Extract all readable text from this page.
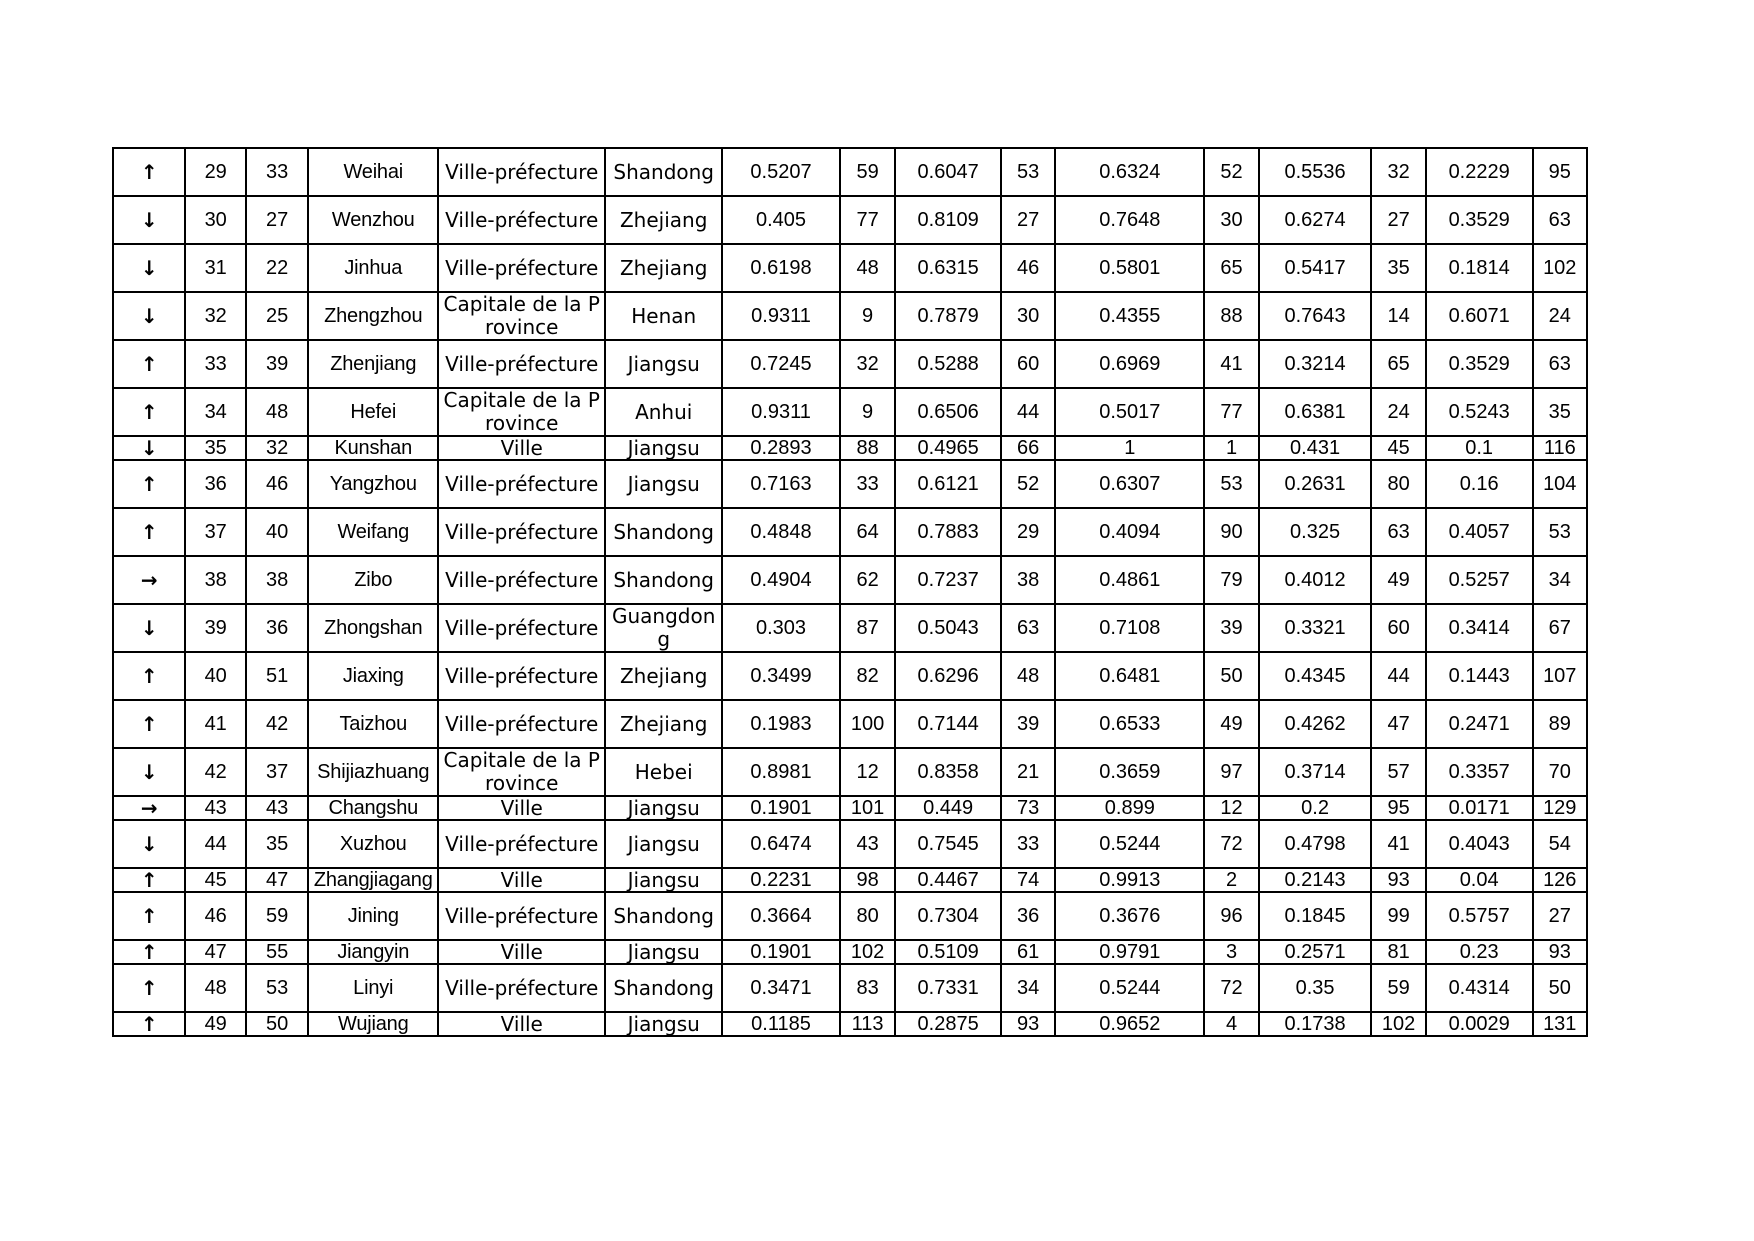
↑	29	33	Weihai	Ville-préfecture	Shandong	0.5207	59	0.6047	53	0.6324	52	0.5536	32	0.2229	95
↓	30	27	Wenzhou	Ville-préfecture	Zhejiang	0.405	77	0.8109	27	0.7648	30	0.6274	27	0.3529	63
↓	31	22	Jinhua	Ville-préfecture	Zhejiang	0.6198	48	0.6315	46	0.5801	65	0.5417	35	0.1814	102
↓	32	25	Zhengzhou	Capitale de la Province	Henan	0.9311	9	0.7879	30	0.4355	88	0.7643	14	0.6071	24
↑	33	39	Zhenjiang	Ville-préfecture	Jiangsu	0.7245	32	0.5288	60	0.6969	41	0.3214	65	0.3529	63
↑	34	48	Hefei	Capitale de la Province	Anhui	0.9311	9	0.6506	44	0.5017	77	0.6381	24	0.5243	35
↓	35	32	Kunshan	Ville	Jiangsu	0.2893	88	0.4965	66	1	1	0.431	45	0.1	116
↑	36	46	Yangzhou	Ville-préfecture	Jiangsu	0.7163	33	0.6121	52	0.6307	53	0.2631	80	0.16	104
↑	37	40	Weifang	Ville-préfecture	Shandong	0.4848	64	0.7883	29	0.4094	90	0.325	63	0.4057	53
→	38	38	Zibo	Ville-préfecture	Shandong	0.4904	62	0.7237	38	0.4861	79	0.4012	49	0.5257	34
↓	39	36	Zhongshan	Ville-préfecture	Guangdong	0.303	87	0.5043	63	0.7108	39	0.3321	60	0.3414	67
↑	40	51	Jiaxing	Ville-préfecture	Zhejiang	0.3499	82	0.6296	48	0.6481	50	0.4345	44	0.1443	107
↑	41	42	Taizhou	Ville-préfecture	Zhejiang	0.1983	100	0.7144	39	0.6533	49	0.4262	47	0.2471	89
↓	42	37	Shijiazhuang	Capitale de la Province	Hebei	0.8981	12	0.8358	21	0.3659	97	0.3714	57	0.3357	70
→	43	43	Changshu	Ville	Jiangsu	0.1901	101	0.449	73	0.899	12	0.2	95	0.0171	129
↓	44	35	Xuzhou	Ville-préfecture	Jiangsu	0.6474	43	0.7545	33	0.5244	72	0.4798	41	0.4043	54
↑	45	47	Zhangjiagang	Ville	Jiangsu	0.2231	98	0.4467	74	0.9913	2	0.2143	93	0.04	126
↑	46	59	Jining	Ville-préfecture	Shandong	0.3664	80	0.7304	36	0.3676	96	0.1845	99	0.5757	27
↑	47	55	Jiangyin	Ville	Jiangsu	0.1901	102	0.5109	61	0.9791	3	0.2571	81	0.23	93
↑	48	53	Linyi	Ville-préfecture	Shandong	0.3471	83	0.7331	34	0.5244	72	0.35	59	0.4314	50
↑	49	50	Wujiang	Ville	Jiangsu	0.1185	113	0.2875	93	0.9652	4	0.1738	102	0.0029	131
